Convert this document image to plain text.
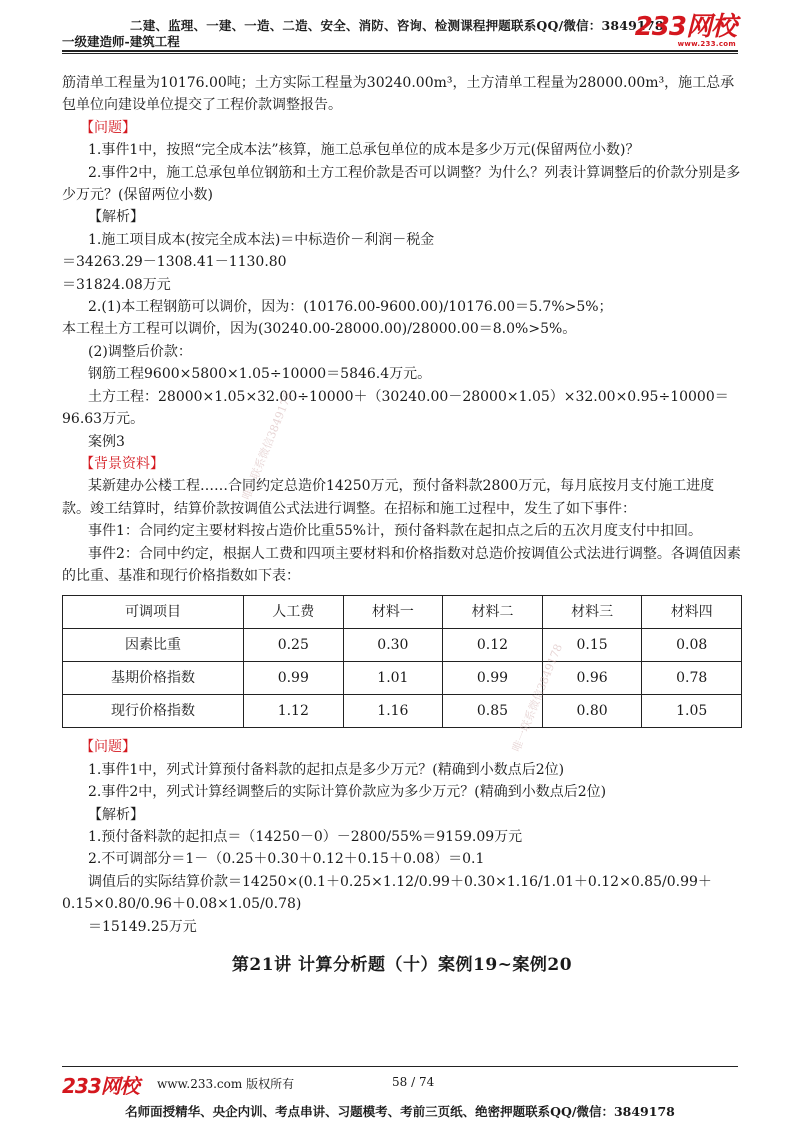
二建、监理、一建、一造、二造、安全、消防、咨询、检测课程押题联系QQ/微信：3849178
一级建造师-建筑工程	233网校
www.233.com

筋清单工程量为10176.00吨；土方实际工程量为30240.00m³，土方清单工程量为28000.00m³，施工总承包单位向建设单位提交了工程价款调整报告。

【问题】

1.事件1中，按照“完全成本法”核算，施工总承包单位的成本是多少万元(保留两位小数)？

2.事件2中，施工总承包单位钢筋和土方工程价款是否可以调整？为什么？列表计算调整后的价款分别是多少万元？(保留两位小数)

【解析】

1.施工项目成本(按完全成本法)＝中标造价－利润－税金

＝34263.29－1308.41－1130.80

＝31824.08万元

2.(1)本工程钢筋可以调价，因为：(10176.00-9600.00)/10176.00＝5.7%>5%；

本工程土方工程可以调价，因为(30240.00-28000.00)/28000.00＝8.0%>5%。

(2)调整后价款：

钢筋工程9600×5800×1.05÷10000＝5846.4万元。

土方工程：28000×1.05×32.00÷10000＋（30240.00－28000×1.05）×32.00×0.95÷10000＝96.63万元。

案例3

【背景资料】

某新建办公楼工程……合同约定总造价14250万元，预付备料款2800万元，每月底按月支付施工进度款。竣工结算时，结算价款按调值公式法进行调整。在招标和施工过程中，发生了如下事件：

事件1：合同约定主要材料按占造价比重55%计，预付备料款在起扣点之后的五次月度支付中扣回。

事件2：合同中约定，根据人工费和四项主要材料和价格指数对总造价按调值公式法进行调整。各调值因素的比重、基准和现行价格指数如下表：

可调项目	人工费	材料一	材料二	材料三	材料四
因素比重	0.25	0.30	0.12	0.15	0.08
基期价格指数	0.99	1.01	0.99	0.96	0.78
现行价格指数	1.12	1.16	0.85	0.80	1.05

【问题】

1.事件1中，列式计算预付备料款的起扣点是多少万元？(精确到小数点后2位)

2.事件2中，列式计算经调整后的实际计算价款应为多少万元？(精确到小数点后2位)

【解析】

1.预付备料款的起扣点＝（14250－0）－2800/55%＝9159.09万元

2.不可调部分＝1－（0.25＋0.30＋0.12＋0.15＋0.08）＝0.1

调值后的实际结算价款＝14250×(0.1＋0.25×1.12/0.99＋0.30×1.16/1.01＋0.12×0.85/0.99＋0.15×0.80/0.96＋0.08×1.05/0.78)

＝15149.25万元

第21讲 计算分析题（十）案例19~案例20
唯一联系微信3849178
唯一联系微信3849178
233网校 www.233.com 版权所有	58 / 74
名师面授精华、央企内训、考点串讲、习题模考、考前三页纸、绝密押题联系QQ/微信：3849178
